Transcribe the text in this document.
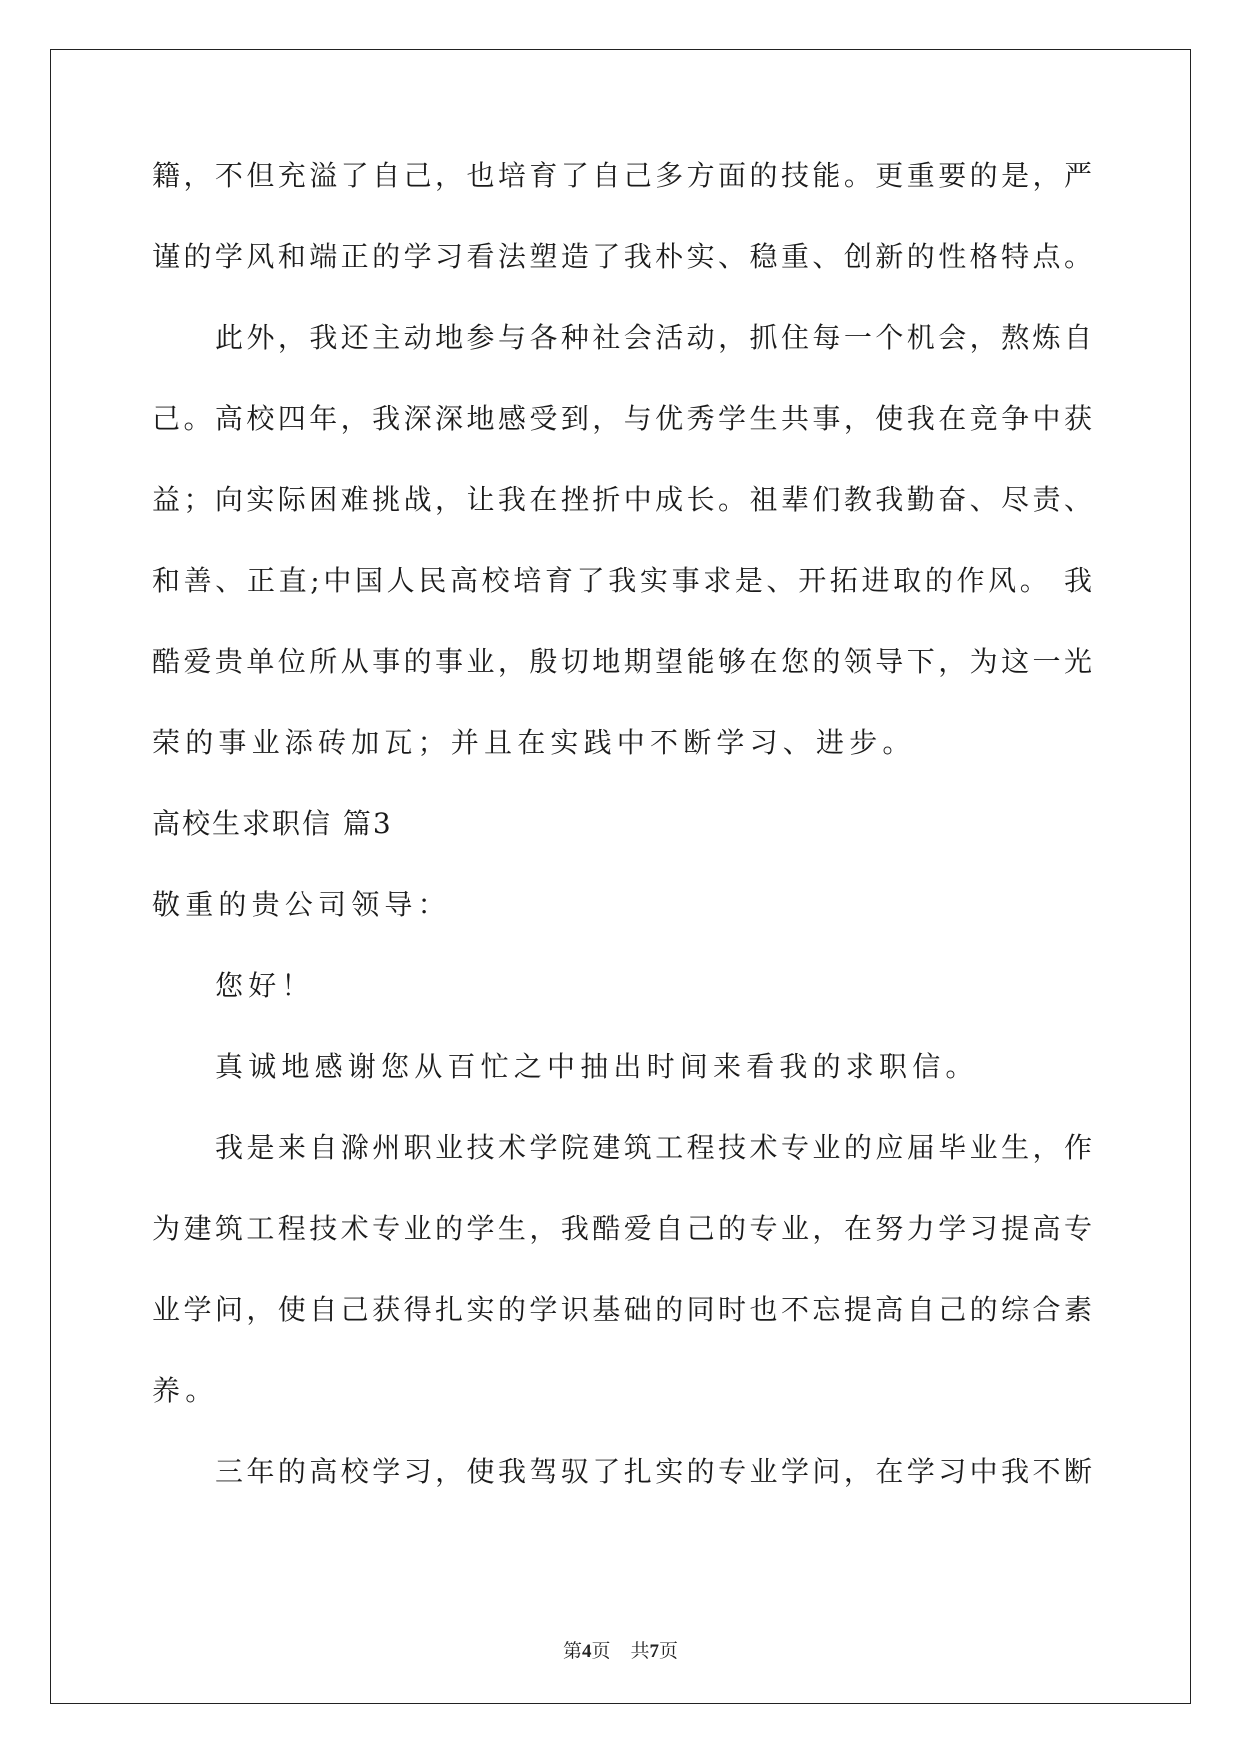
籍，不但充溢了自己，也培育了自己多方面的技能。更重要的是，严
谨的学风和端正的学习看法塑造了我朴实、稳重、创新的性格特点。
此外，我还主动地参与各种社会活动，抓住每一个机会，熬炼自
己。高校四年，我深深地感受到，与优秀学生共事，使我在竞争中获
益；向实际困难挑战，让我在挫折中成长。祖辈们教我勤奋、尽责、
和善、正直;中国人民高校培育了我实事求是、开拓进取的作风。 我
酷爱贵单位所从事的事业，殷切地期望能够在您的领导下，为这一光
荣的事业添砖加瓦；并且在实践中不断学习、进步。
高校生求职信 篇3
敬重的贵公司领导：
您好！
真诚地感谢您从百忙之中抽出时间来看我的求职信。
我是来自滁州职业技术学院建筑工程技术专业的应届毕业生，作
为建筑工程技术专业的学生，我酷爱自己的专业，在努力学习提高专
业学问，使自己获得扎实的学识基础的同时也不忘提高自己的综合素
养。
三年的高校学习，使我驾驭了扎实的专业学问，在学习中我不断
第4页 共7页
